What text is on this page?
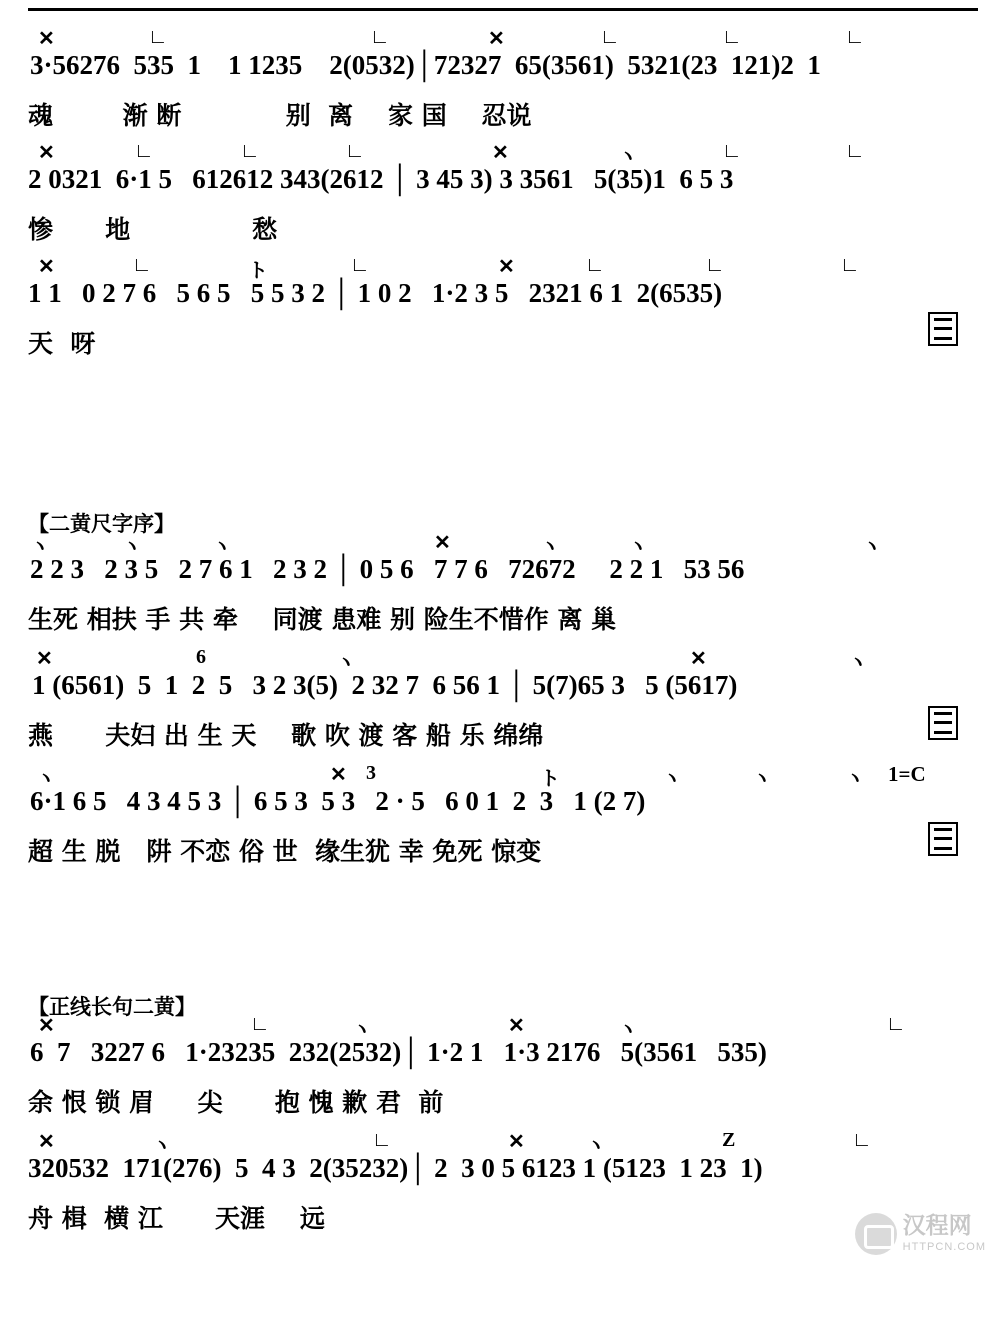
✕

	∟

	∟

	✕

	∟

	∟

	∟

3·56276  535  1    1 1235    2(0532)│72327  65(3561)  5321(23  121)2  1

魂        渐 断            别  离    家 国    忍说

✕

	∟

	∟

	∟

	✕

	ヽ

	∟

	∟

2 0321  6·1 5   612612 343(2612 │ 3 45 3) 3 3561   5(35)1  6 5 3

惨      地              愁

✕

	∟

	ト

	∟

	✕

	∟

	∟

	∟

1 1   0 2 7 6   5 6 5   5 5 3 2 │ 1 0 2   1·2 3 5   2321 6 1  2(6535)

天  呀

【二黄尺字序】

ヽ

ヽ

	ヽ

	✕

	ヽ

	ヽ

	ヽ

2 2 3   2 3 5   2 7 6 1   2 3 2 │ 0 5 6   7 7 6   72672     2 2 1   53 56

生死 相扶 手 共 牵    同渡 患难 别 险生不惜作 离 巢

✕

	6

	ヽ

	✕

	ヽ

1 (6561)  5  1  2  5   3 2 3(5)  2 32 7  6 56 1 │ 5(7)65 3   5 (5617)

燕      夫妇 出 生 天    歌 吹 渡 客 船 乐 绵绵

ヽ

	✕

3

	ト

	ヽ

	ヽ

	ヽ

1=C

6·1 6 5   4 3 4 5 3 │ 6 5 3  5 3   2 · 5   6 0 1  2  3   1 (2 7)

超 生 脱   阱 不恋 俗 世  缘生犹 幸 免死 惊变

【正线长句二黄】

✕

	∟

	ヽ

	✕

	ヽ

	∟

6  7   3227 6   1·23235  232(2532)│ 1·2 1   1·3 2176   5(3561   535)

余 恨 锁 眉     尖      抱 愧 歉 君  前

✕

	ヽ

	∟

	✕

	ヽ

	Z

	∟

320532  171(276)  5  4 3  2(35232)│ 2  3 0 5 6123 1 (5123  1 23  1)

舟 楫  横 江      天涯    远

	汉程网
HTTPCN.COM
